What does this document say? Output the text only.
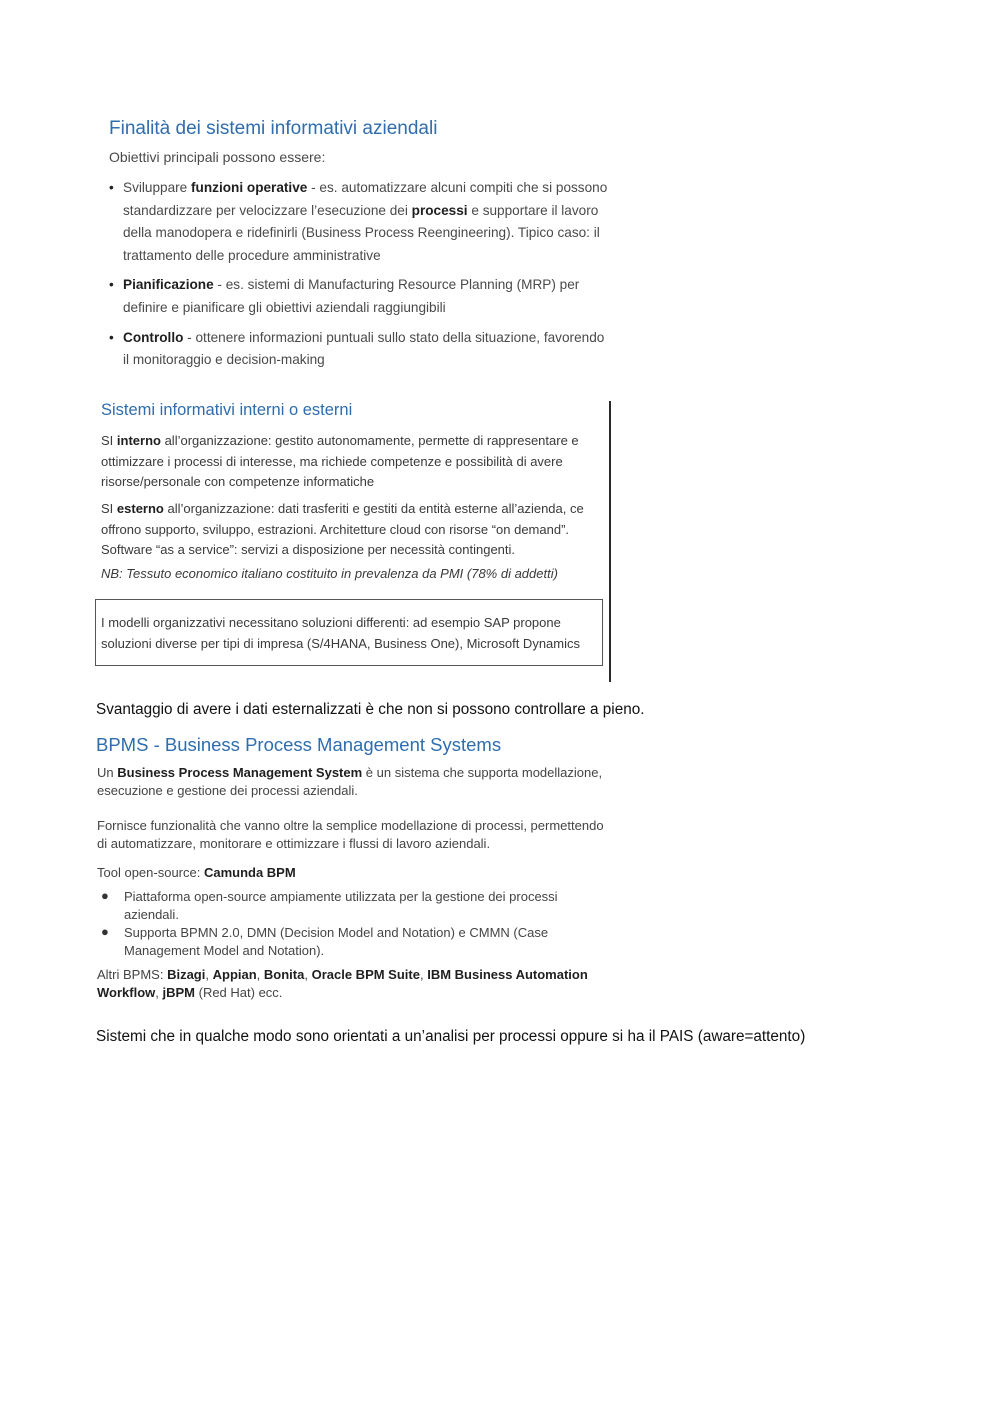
Finalità dei sistemi informativi aziendali
Obiettivi principali possono essere:
• Sviluppare funzioni operative - es. automatizzare alcuni compiti che si possono standardizzare per velocizzare l’esecuzione dei processi e supportare il lavoro della manodopera e ridefinirli (Business Process Reengineering). Tipico caso: il trattamento delle procedure amministrative
• Pianificazione - es. sistemi di Manufacturing Resource Planning (MRP) per definire e pianificare gli obiettivi aziendali raggiungibili
• Controllo - ottenere informazioni puntuali sullo stato della situazione, favorendo il monitoraggio e decision-making
Sistemi informativi interni o esterni
SI interno all’organizzazione: gestito autonomamente, permette di rappresentare e ottimizzare i processi di interesse, ma richiede competenze e possibilità di avere risorse/personale con competenze informatiche
SI esterno all’organizzazione: dati trasferiti e gestiti da entità esterne all’azienda, ce offrono supporto, sviluppo, estrazioni. Architetture cloud con risorse “on demand”. Software “as a service”: servizi a disposizione per necessità contingenti.
NB: Tessuto economico italiano costituito in prevalenza da PMI (78% di addetti)
I modelli organizzativi necessitano soluzioni differenti: ad esempio SAP propone soluzioni diverse per tipi di impresa (S/4HANA, Business One), Microsoft Dynamics
Svantaggio di avere i dati esternalizzati è che non si possono controllare a pieno.
BPMS - Business Process Management Systems
Un Business Process Management System è un sistema che supporta modellazione, esecuzione e gestione dei processi aziendali.
Fornisce funzionalità che vanno oltre la semplice modellazione di processi, permettendo di automatizzare, monitorare e ottimizzare i flussi di lavoro aziendali.
Tool open-source: Camunda BPM
● Piattaforma open-source ampiamente utilizzata per la gestione dei processi aziendali.
● Supporta BPMN 2.0, DMN (Decision Model and Notation) e CMMN (Case Management Model and Notation).
Altri BPMS: Bizagi, Appian, Bonita, Oracle BPM Suite, IBM Business Automation Workflow, jBPM (Red Hat) ecc.
Sistemi che in qualche modo sono orientati a un’analisi per processi oppure si ha il PAIS (aware=attento)
